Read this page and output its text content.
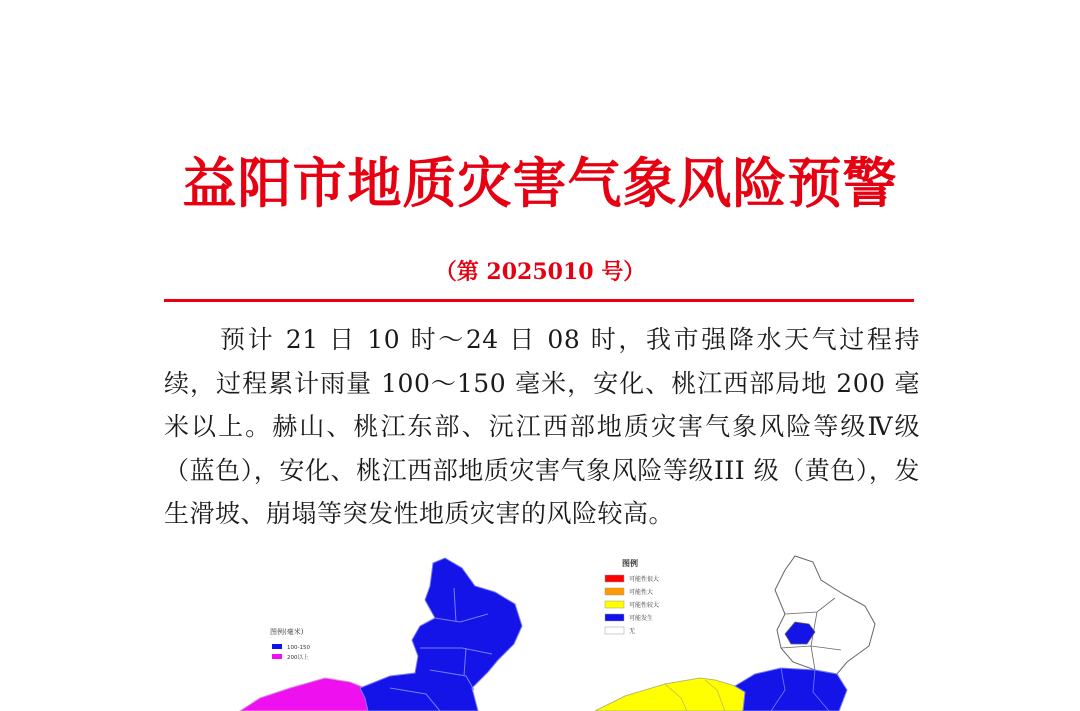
益阳市地质灾害气象风险预警
（第 2025010 号）
预计 21 日 10 时～24 日 08 时，我市强降水天气过程持续，过程累计雨量 100～150 毫米，安化、桃江西部局地 200 毫米以上。赫山、桃江东部、沅江西部地质灾害气象风险等级Ⅳ级（蓝色），安化、桃江西部地质灾害气象风险等级III 级（黄色），发生滑坡、崩塌等突发性地质灾害的风险较高。
图例(毫米)
100-150
200以上
图例
可能性很大
可能性大
可能性较大
可能发生
无
